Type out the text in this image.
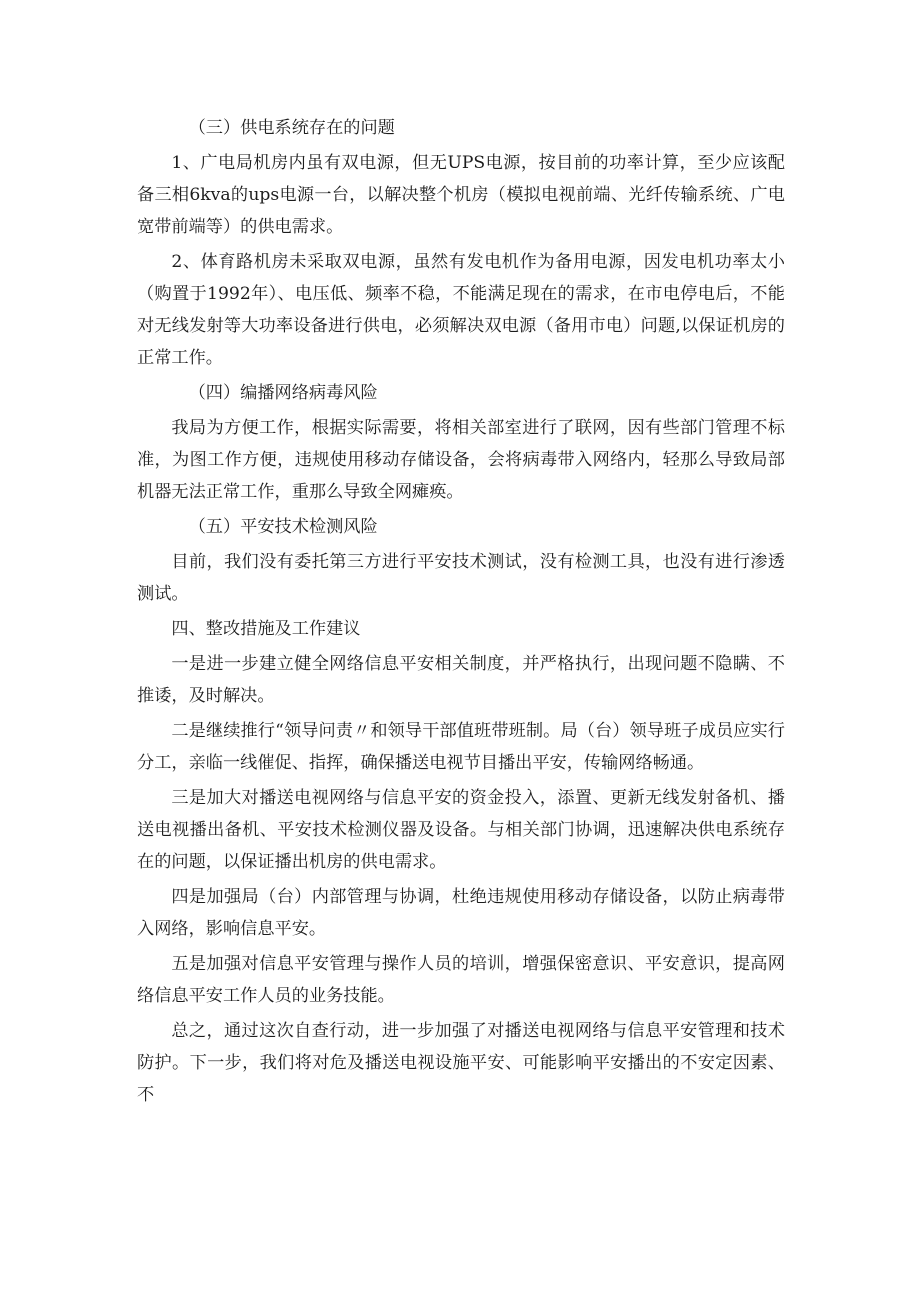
（三）供电系统存在的问题

1、广电局机房内虽有双电源，但无UPS电源，按目前的功率计算，至少应该配备三相6kva的ups电源一台，以解决整个机房（模拟电视前端、光纤传输系统、广电宽带前端等）的供电需求。

2、体育路机房未采取双电源，虽然有发电机作为备用电源，因发电机功率太小（购置于1992年）、电压低、频率不稳，不能满足现在的需求，在市电停电后，不能对无线发射等大功率设备进行供电，必须解决双电源（备用市电）问题,以保证机房的正常工作。

（四）编播网络病毒风险

我局为方便工作，根据实际需要，将相关部室进行了联网，因有些部门管理不标准，为图工作方便，违规使用移动存储设备，会将病毒带入网络内，轻那么导致局部机器无法正常工作，重那么导致全网瘫痪。

（五）平安技术检测风险

目前，我们没有委托第三方进行平安技术测试，没有检测工具，也没有进行渗透测试。

四、整改措施及工作建议

一是进一步建立健全网络信息平安相关制度，并严格执行，出现问题不隐瞒、不推诿，及时解决。

二是继续推行“领导问责〃和领导干部值班带班制。局（台）领导班子成员应实行分工，亲临一线催促、指挥，确保播送电视节目播出平安，传输网络畅通。

三是加大对播送电视网络与信息平安的资金投入，添置、更新无线发射备机、播送电视播出备机、平安技术检测仪器及设备。与相关部门协调，迅速解决供电系统存在的问题，以保证播出机房的供电需求。

四是加强局（台）内部管理与协调，杜绝违规使用移动存储设备，以防止病毒带入网络，影响信息平安。

五是加强对信息平安管理与操作人员的培训，增强保密意识、平安意识，提高网络信息平安工作人员的业务技能。

总之，通过这次自查行动，进一步加强了对播送电视网络与信息平安管理和技术防护。下一步，我们将对危及播送电视设施平安、可能影响平安播出的不安定因素、不
